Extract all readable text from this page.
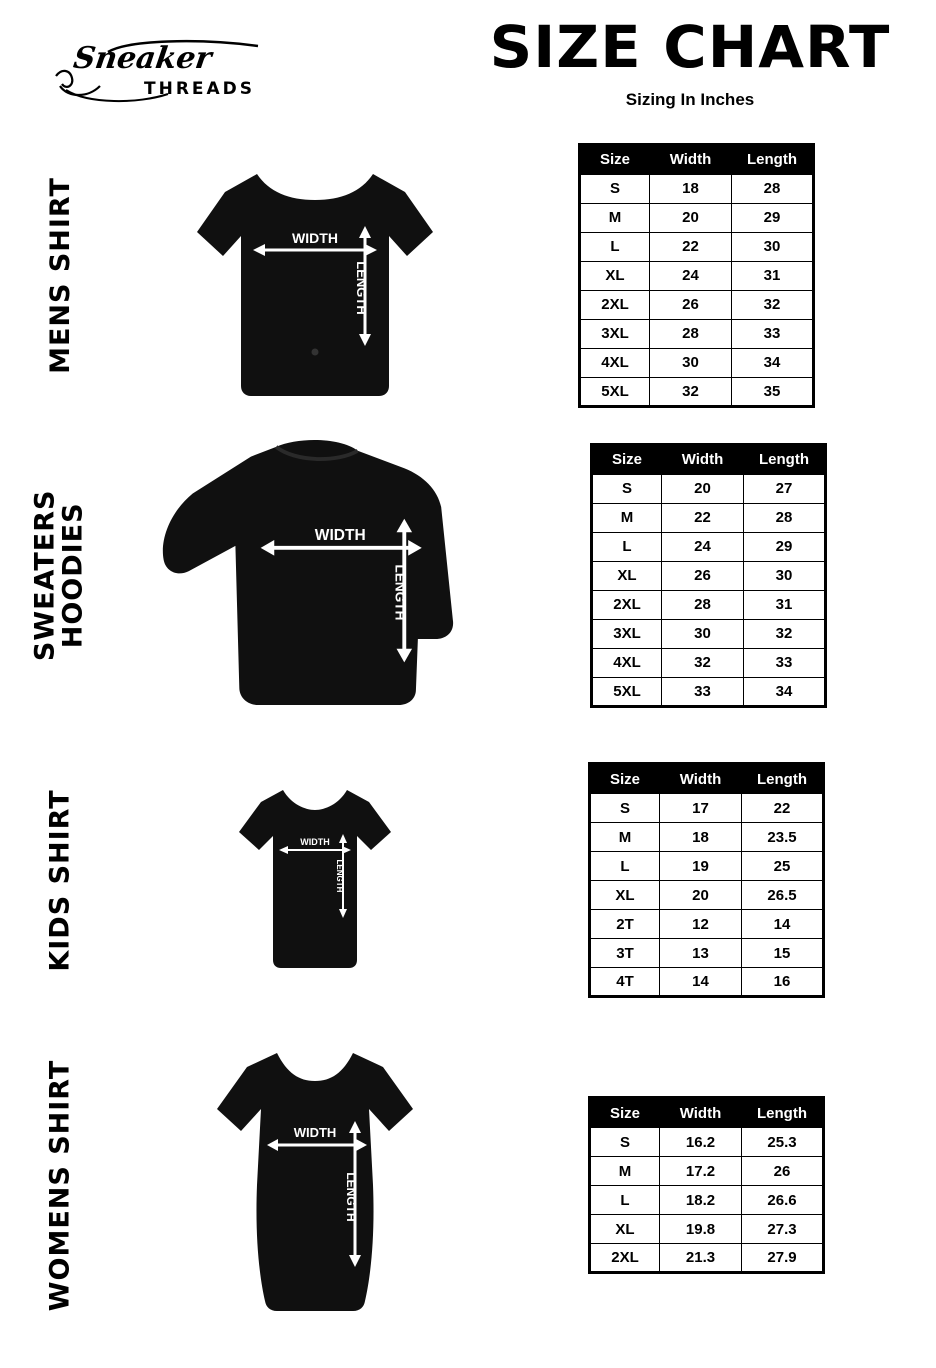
Sneaker
THREADS
SIZE CHART
Sizing In Inches
MENS SHIRT	WIDTH
LENGTH
Size	Width	Length
S	18	28
M	20	29
L	22	30
XL	24	31
2XL	26	32
3XL	28	33
4XL	30	34
5XL	32	35
SWEATERS
HOODIES	WIDTH
LENGTH
Size	Width	Length
S	20	27
M	22	28
L	24	29
XL	26	30
2XL	28	31
3XL	30	32
4XL	32	33
5XL	33	34
KIDS SHIRT	WIDTH
LENGTH
Size	Width	Length
S	17	22
M	18	23.5
L	19	25
XL	20	26.5
2T	12	14
3T	13	15
4T	14	16
WOMENS SHIRT	WIDTH
LENGTH
Size	Width	Length
S	16.2	25.3
M	17.2	26
L	18.2	26.6
XL	19.8	27.3
2XL	21.3	27.9
